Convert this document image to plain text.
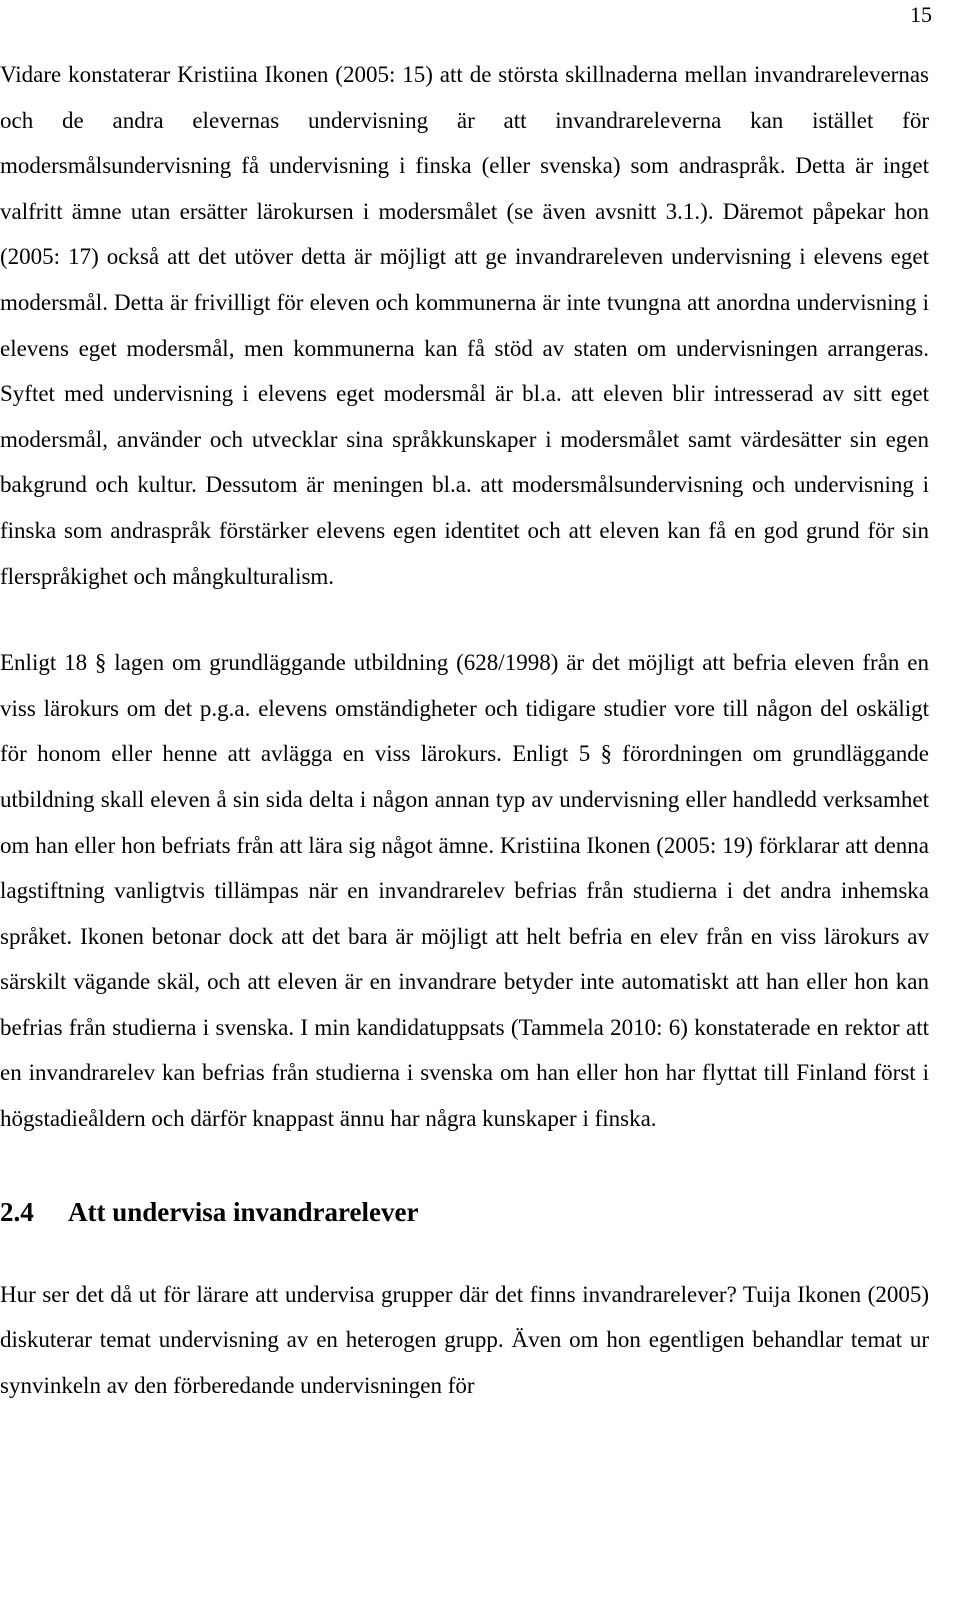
15

Vidare konstaterar Kristiina Ikonen (2005: 15) att de största skillnaderna mellan invandrarelevernas och de andra elevernas undervisning är att invandrareleverna kan istället för modersmålsundervisning få undervisning i finska (eller svenska) som andraspråk. Detta är inget valfritt ämne utan ersätter lärokursen i modersmålet (se även avsnitt 3.1.). Däremot påpekar hon (2005: 17) också att det utöver detta är möjligt att ge invandrareleven undervisning i elevens eget modersmål. Detta är frivilligt för eleven och kommunerna är inte tvungna att anordna undervisning i elevens eget modersmål, men kommunerna kan få stöd av staten om undervisningen arrangeras. Syftet med undervisning i elevens eget modersmål är bl.a. att eleven blir intresserad av sitt eget modersmål, använder och utvecklar sina språkkunskaper i modersmålet samt värdesätter sin egen bakgrund och kultur. Dessutom är meningen bl.a. att modersmålsundervisning och undervisning i finska som andraspråk förstärker elevens egen identitet och att eleven kan få en god grund för sin flerspråkighet och mångkulturalism.

Enligt 18 § lagen om grundläggande utbildning (628/1998) är det möjligt att befria eleven från en viss lärokurs om det p.g.a. elevens omständigheter och tidigare studier vore till någon del oskäligt för honom eller henne att avlägga en viss lärokurs. Enligt 5 § förordningen om grundläggande utbildning skall eleven å sin sida delta i någon annan typ av undervisning eller handledd verksamhet om han eller hon befriats från att lära sig något ämne. Kristiina Ikonen (2005: 19) förklarar att denna lagstiftning vanligtvis tillämpas när en invandrarelev befrias från studierna i det andra inhemska språket. Ikonen betonar dock att det bara är möjligt att helt befria en elev från en viss lärokurs av särskilt vägande skäl, och att eleven är en invandrare betyder inte automatiskt att han eller hon kan befrias från studierna i svenska. I min kandidatuppsats (Tammela 2010: 6) konstaterade en rektor att en invandrarelev kan befrias från studierna i svenska om han eller hon har flyttat till Finland först i högstadieåldern och därför knappast ännu har några kunskaper i finska.

2.4 Att undervisa invandrarelever

Hur ser det då ut för lärare att undervisa grupper där det finns invandrarelever? Tuija Ikonen (2005) diskuterar temat undervisning av en heterogen grupp. Även om hon egentligen behandlar temat ur synvinkeln av den förberedande undervisningen för
